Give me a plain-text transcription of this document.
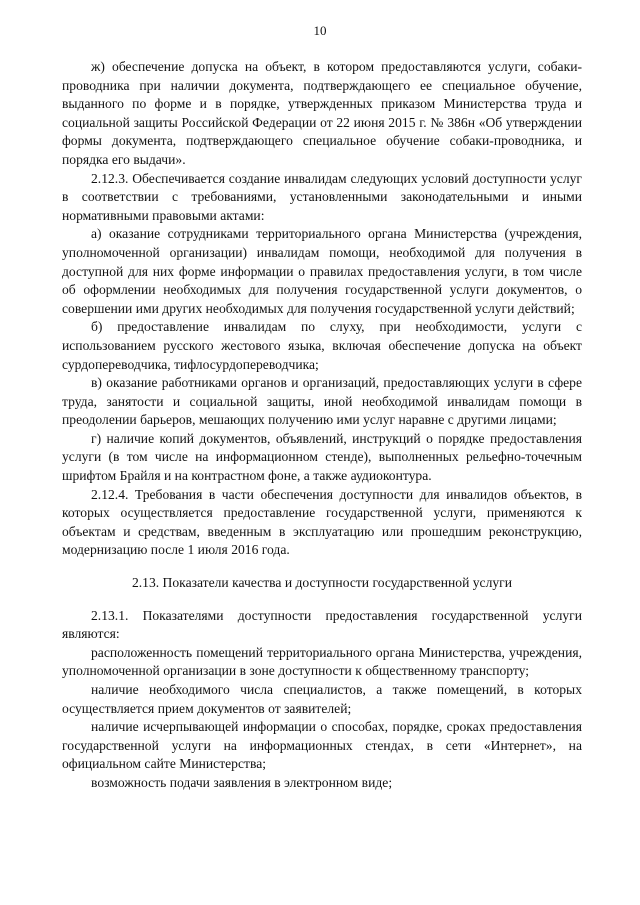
10

ж) обеспечение допуска на объект, в котором предоставляются услуги, собаки-проводника при наличии документа, подтверждающего ее специальное обучение, выданного по форме и в порядке, утвержденных приказом Министерства труда и социальной защиты Российской Федерации от 22 июня 2015 г. № 386н «Об утверждении формы документа, подтверждающего специальное обучение собаки-проводника, и порядка его выдачи».

2.12.3. Обеспечивается создание инвалидам следующих условий доступности услуг в соответствии с требованиями, установленными законодательными и иными нормативными правовыми актами:

а) оказание сотрудниками территориального органа Министерства (учреждения, уполномоченной организации) инвалидам помощи, необходимой для получения в доступной для них форме информации о правилах предоставления услуги, в том числе об оформлении необходимых для получения государственной услуги документов, о совершении ими других необходимых для получения государственной услуги действий;

б) предоставление инвалидам по слуху, при необходимости, услуги с использованием русского жестового языка, включая обеспечение допуска на объект сурдопереводчика, тифлосурдопереводчика;

в) оказание работниками органов и организаций, предоставляющих услуги в сфере труда, занятости и социальной защиты, иной необходимой инвалидам помощи в преодолении барьеров, мешающих получению ими услуг наравне с другими лицами;

г) наличие копий документов, объявлений, инструкций о порядке предоставления услуги (в том числе на информационном стенде), выполненных рельефно-точечным шрифтом Брайля и на контрастном фоне, а также аудиоконтура.

2.12.4. Требования в части обеспечения доступности для инвалидов объектов, в которых осуществляется предоставление государственной услуги, применяются к объектам и средствам, введенным в эксплуатацию или прошедшим реконструкцию, модернизацию после 1 июля 2016 года.

2.13. Показатели качества и доступности государственной услуги

2.13.1. Показателями доступности предоставления государственной услуги являются:

расположенность помещений территориального органа Министерства, учреждения, уполномоченной организации в зоне доступности к общественному транспорту;

наличие необходимого числа специалистов, а также помещений, в которых осуществляется прием документов от заявителей;

наличие исчерпывающей информации о способах, порядке, сроках предоставления государственной услуги на информационных стендах, в сети «Интернет», на официальном сайте Министерства;

возможность подачи заявления в электронном виде;
